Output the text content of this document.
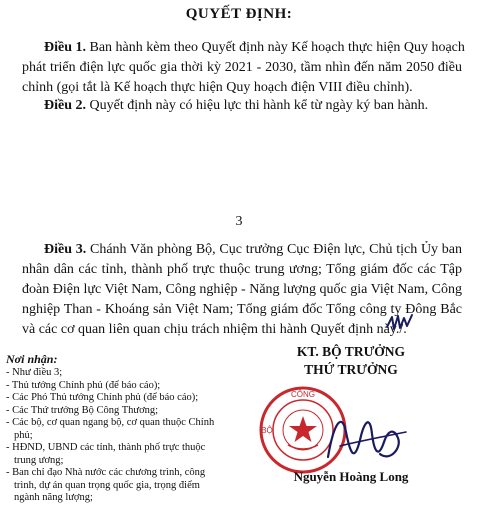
QUYẾT ĐỊNH:
Điều 1. Ban hành kèm theo Quyết định này Kế hoạch thực hiện Quy hoạch
phát triển điện lực quốc gia thời kỳ 2021 - 2030, tầm nhìn đến năm 2050 điều
chỉnh (gọi tắt là Kế hoạch thực hiện Quy hoạch điện VIII điều chỉnh).
Điều 2. Quyết định này có hiệu lực thi hành kể từ ngày ký ban hành.
3
Điều 3. Chánh Văn phòng Bộ, Cục trưởng Cục Điện lực, Chủ tịch Ủy ban
nhân dân các tỉnh, thành phố trực thuộc trung ương; Tổng giám đốc các Tập
đoàn Điện lực Việt Nam, Công nghiệp - Năng lượng quốc gia Việt Nam, Công
nghiệp Than - Khoáng sản Việt Nam; Tổng giám đốc Tổng công ty Đông Bắc
và các cơ quan liên quan chịu trách nhiệm thi hành Quyết định này./.
Nơi nhận:
- Như điều 3;
- Thủ tướng Chính phủ (để báo cáo);
- Các Phó Thủ tướng Chính phủ (để báo cáo);
- Các Thứ trưởng Bộ Công Thương;
- Các bộ, cơ quan ngang bộ, cơ quan thuộc Chính
phủ;
- HĐND, UBND các tỉnh, thành phố trực thuộc
trung ương;
- Ban chỉ đạo Nhà nước các chương trình, công
trình, dự án quan trọng quốc gia, trọng điểm
ngành năng lượng;
KT. BỘ TRƯỞNG
THỨ TRƯỞNG
CÔNG
BỘ
Nguyễn Hoàng Long
